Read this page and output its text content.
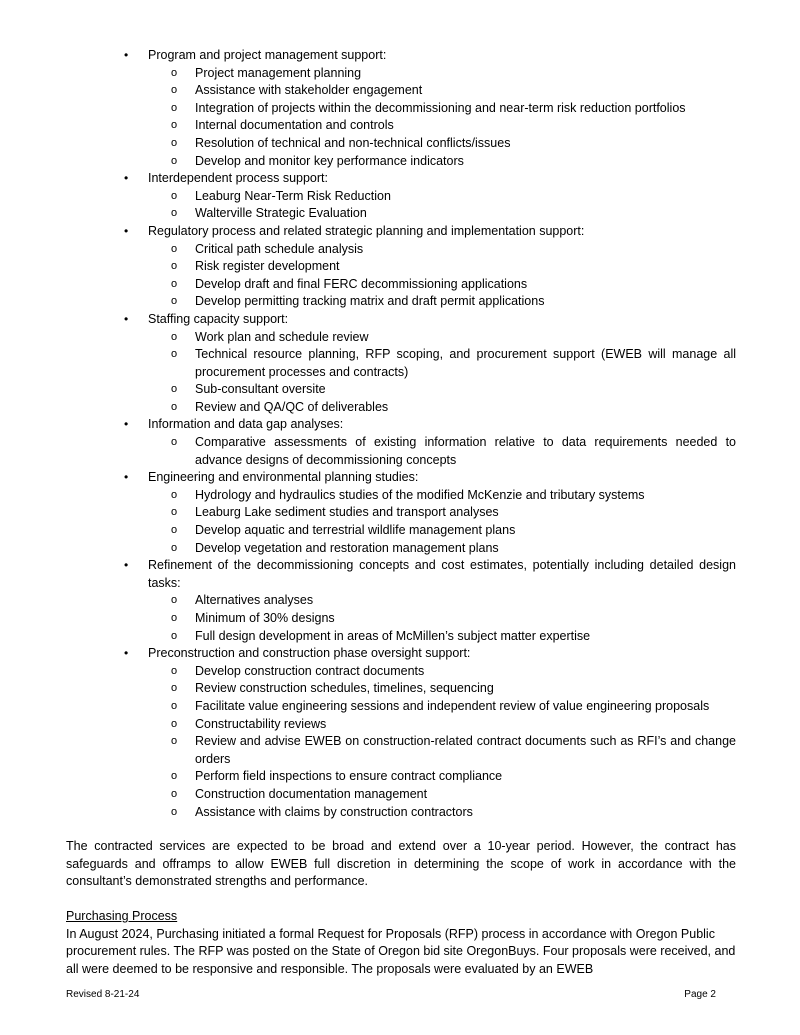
• Program and project management support:
o Project management planning
o Assistance with stakeholder engagement
o Integration of projects within the decommissioning and near-term risk reduction portfolios
o Internal documentation and controls
o Resolution of technical and non-technical conflicts/issues
o Develop and monitor key performance indicators
• Interdependent process support:
o Leaburg Near-Term Risk Reduction
o Walterville Strategic Evaluation
• Regulatory process and related strategic planning and implementation support:
o Critical path schedule analysis
o Risk register development
o Develop draft and final FERC decommissioning applications
o Develop permitting tracking matrix and draft permit applications
• Staffing capacity support:
o Work plan and schedule review
o Technical resource planning, RFP scoping, and procurement support (EWEB will manage all procurement processes and contracts)
o Sub-consultant oversite
o Review and QA/QC of deliverables
• Information and data gap analyses:
o Comparative assessments of existing information relative to data requirements needed to advance designs of decommissioning concepts
• Engineering and environmental planning studies:
o Hydrology and hydraulics studies of the modified McKenzie and tributary systems
o Leaburg Lake sediment studies and transport analyses
o Develop aquatic and terrestrial wildlife management plans
o Develop vegetation and restoration management plans
• Refinement of the decommissioning concepts and cost estimates, potentially including detailed design tasks:
o Alternatives analyses
o Minimum of 30% designs
o Full design development in areas of McMillen’s subject matter expertise
• Preconstruction and construction phase oversight support:
o Develop construction contract documents
o Review construction schedules, timelines, sequencing
o Facilitate value engineering sessions and independent review of value engineering proposals
o Constructability reviews
o Review and advise EWEB on construction-related contract documents such as RFI’s and change orders
o Perform field inspections to ensure contract compliance
o Construction documentation management
o Assistance with claims by construction contractors
The contracted services are expected to be broad and extend over a 10-year period. However, the contract has safeguards and offramps to allow EWEB full discretion in determining the scope of work in accordance with the consultant’s demonstrated strengths and performance.
Purchasing Process
In August 2024, Purchasing initiated a formal Request for Proposals (RFP) process in accordance with Oregon Public procurement rules. The RFP was posted on the State of Oregon bid site OregonBuys. Four proposals were received, and all were deemed to be responsive and responsible. The proposals were evaluated by an EWEB
Revised 8-21-24	Page 2
